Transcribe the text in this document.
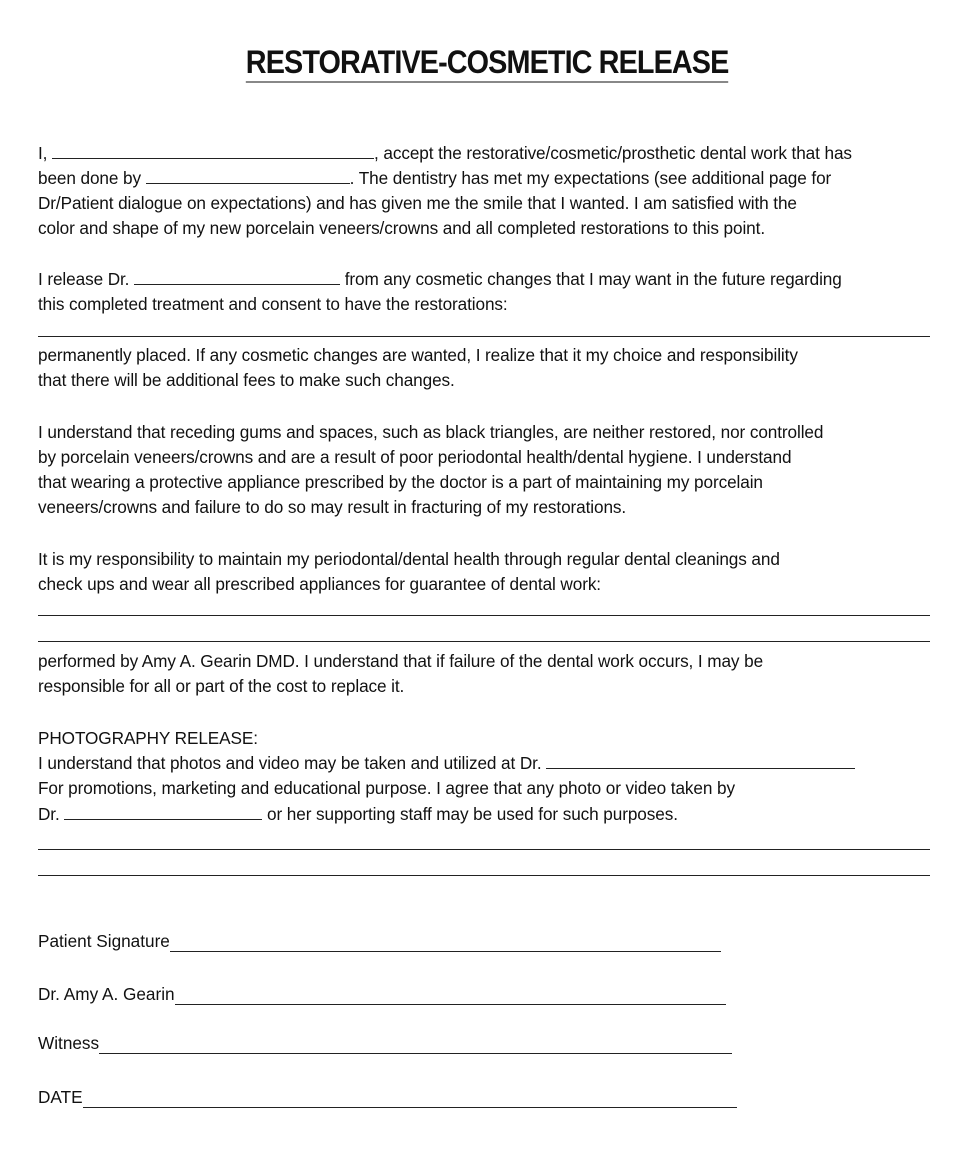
RESTORATIVE-COSMETIC RELEASE
I,	, accept the restorative/cosmetic/prosthetic dental work that has
been done by	. The dentistry has met my expectations (see additional page for
Dr/Patient dialogue on expectations) and has given me the smile that I wanted. I am satisfied with the
color and shape of my new porcelain veneers/crowns and all completed restorations to this point.
I release Dr.	from any cosmetic changes that I may want in the future regarding
this completed treatment and consent to have the restorations:
permanently placed. If any cosmetic changes are wanted, I realize that it my choice and responsibility
that there will be additional fees to make such changes.
I understand that receding gums and spaces, such as black triangles, are neither restored, nor controlled
by porcelain veneers/crowns and are a result of poor periodontal health/dental hygiene. I understand
that wearing a protective appliance prescribed by the doctor is a part of maintaining my porcelain
veneers/crowns and failure to do so may result in fracturing of my restorations.
It is my responsibility to maintain my periodontal/dental health through regular dental cleanings and
check ups and wear all prescribed appliances for guarantee of dental work:
performed by Amy A. Gearin DMD. I understand that if failure of the dental work occurs, I may be
responsible for all or part of the cost to replace it.
PHOTOGRAPHY RELEASE:
I understand that photos and video may be taken and utilized at Dr.
For promotions, marketing and educational purpose. I agree that any photo or video taken by
Dr.	or her supporting staff may be used for such purposes.
Patient Signature
Dr. Amy A. Gearin
Witness
DATE
